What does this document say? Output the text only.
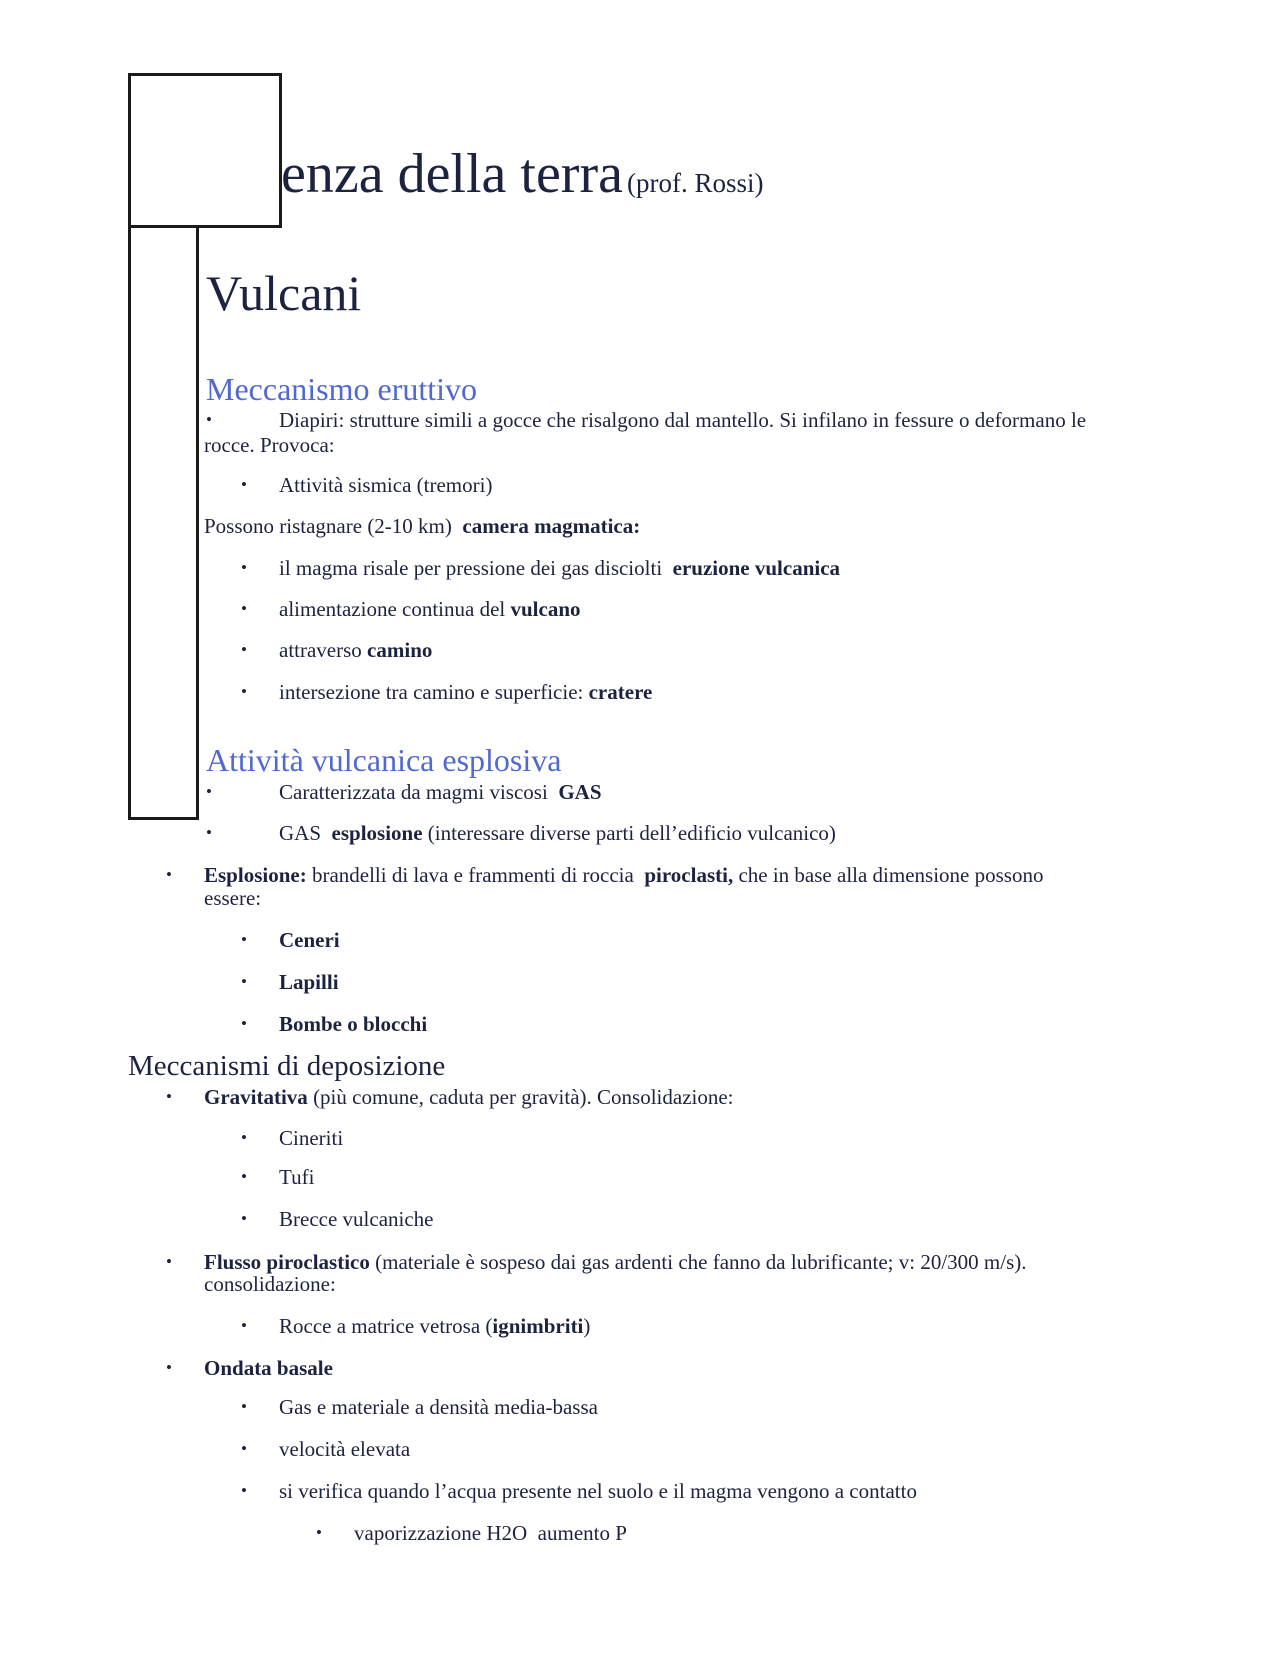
enza della terra (prof. Rossi)
Vulcani
Meccanismo eruttivo
•	Diapiri: strutture simili a gocce che risalgono dal mantello. Si infilano in fessure o deformano le
rocce. Provoca:
• Attività sismica (tremori)
Possono ristagnare (2-10 km) camera magmatica:
• il magma risale per pressione dei gas disciolti eruzione vulcanica
• alimentazione continua del vulcano
• attraverso camino
• intersezione tra camino e superficie: cratere
Attività vulcanica esplosiva
•	Caratterizzata da magmi viscosi GAS
•	GAS esplosione (interessare diverse parti dell’edificio vulcanico)
• Esplosione: brandelli di lava e frammenti di roccia piroclasti, che in base alla dimensione possono
essere:
• Ceneri
• Lapilli
• Bombe o blocchi
Meccanismi di deposizione
• Gravitativa (più comune, caduta per gravità). Consolidazione:
• Cineriti
• Tufi
• Brecce vulcaniche
• Flusso piroclastico (materiale è sospeso dai gas ardenti che fanno da lubrificante; v: 20/300 m/s).
consolidazione:
• Rocce a matrice vetrosa (ignimbriti)
• Ondata basale
• Gas e materiale a densità media-bassa
• velocità elevata
• si verifica quando l’acqua presente nel suolo e il magma vengono a contatto
• vaporizzazione H2O  aumento P
